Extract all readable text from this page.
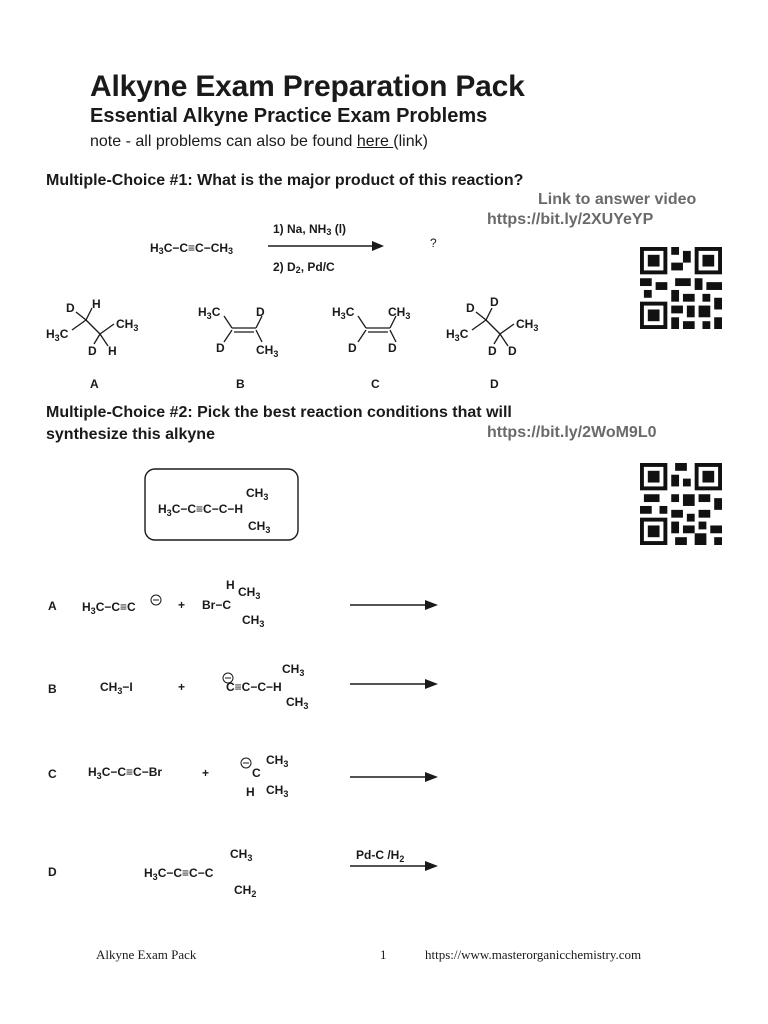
Alkyne Exam Preparation Pack
Essential Alkyne Practice Exam Problems
note - all problems can also be found here (link)
Multiple-Choice #1: What is the major product of this reaction?
Link to answer video
https://bit.ly/2XUYeYP
$H_3C-C\equiv C-CH_3$
1) Na, $NH_3$ (l)
2) $D_2$, Pd/C
?
$H_3C$
D H
$CH_3$
D H
$H_3C$	D
D	$CH_3$
$H_3C$	$CH_3$
D	D
$H_3C$
D D
$CH_3$
D D
A	B	C	D
Multiple-Choice #2: Pick the best reaction conditions that will
synthesize this alkyne	https://bit.ly/2WoM9L0
$CH_3$
$H_3C-C\equiv C-C-H$
$CH_3$
A $H_3C-C\equiv C$	+ Br−C
H $CH_3$
$CH_3$
B	$CH_3-I$	+	C≡C−C−H
$CH_3$
$CH_3$
C	$H_3C-C\equiv C-Br$	+	C
$CH_3$
H $CH_3$
D
$CH_3$
$H_3C-C\equiv C-C$
$CH_2$
Pd-C $/H_2$
Alkyne Exam Pack	1	https://www.masterorganicchemistry.com
